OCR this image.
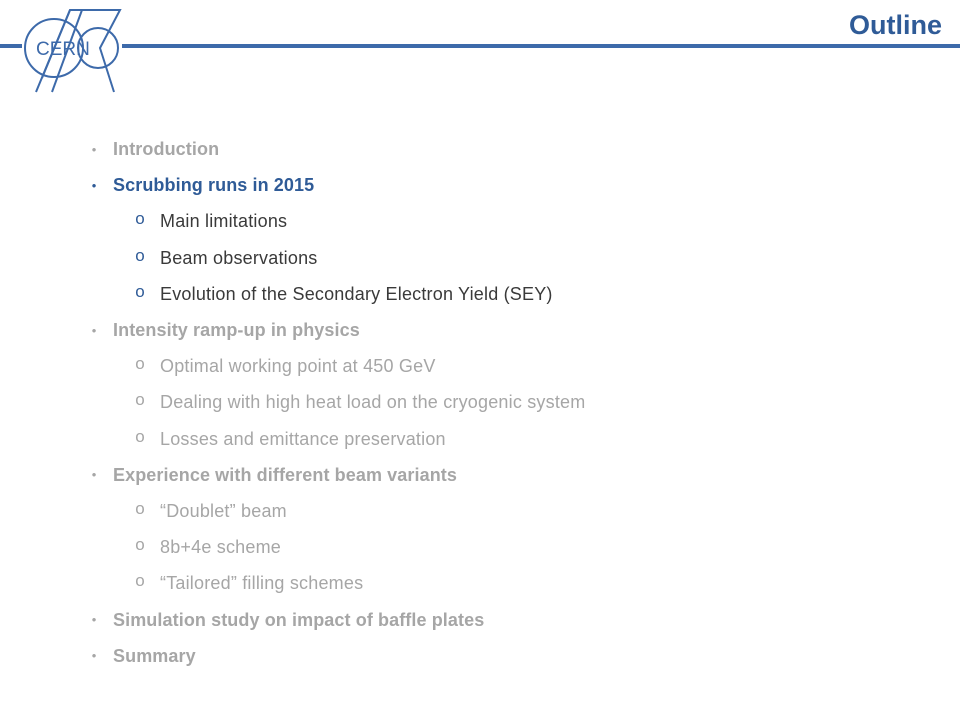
CERN
Outline
• Introduction
• Scrubbing runs in 2015
o Main limitations
o Beam observations
o Evolution of the Secondary Electron Yield (SEY)
• Intensity ramp-up in physics
o Optimal working point at 450 GeV
o Dealing with high heat load on the cryogenic system
o Losses and emittance preservation
• Experience with different beam variants
o “Doublet” beam
o 8b+4e scheme
o “Tailored” filling schemes
• Simulation study on impact of baffle plates
• Summary
